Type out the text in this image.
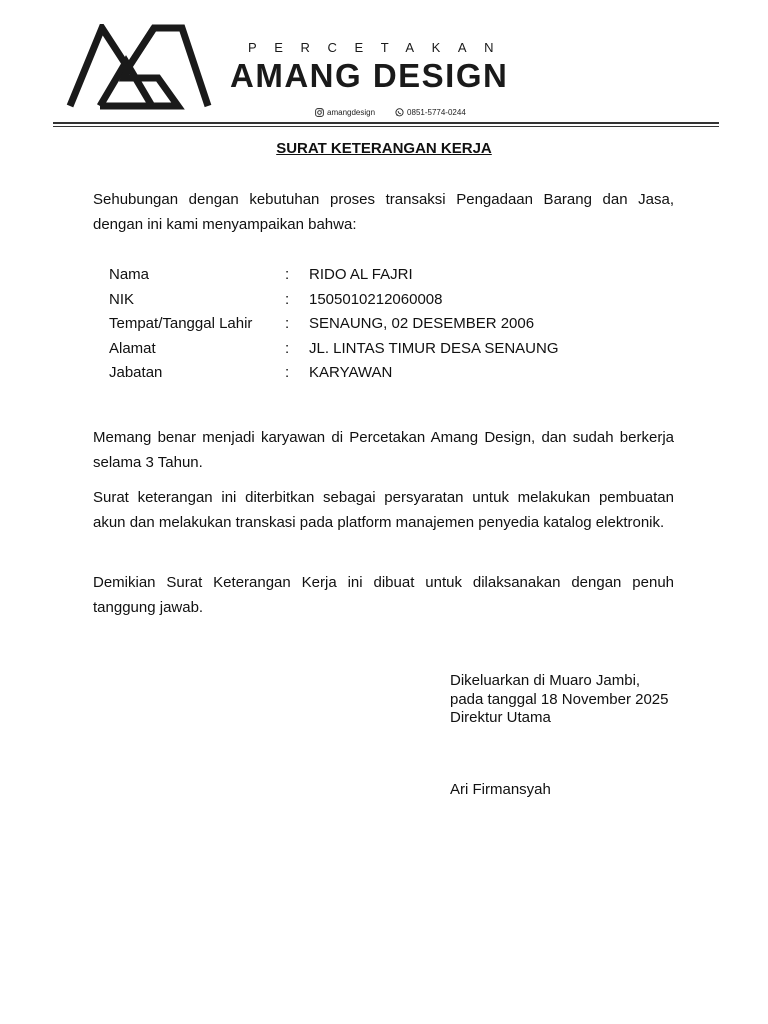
PERCETAKAN
AMANG DESIGN
amangdesign	0851-5774-0244
SURAT KETERANGAN KERJA

Sehubungan dengan kebutuhan proses transaksi Pengadaan Barang dan Jasa, dengan ini kami menyampaikan bahwa:

Nama	: RIDO AL FAJRI
NIK	: 1505010212060008
Tempat/Tanggal Lahir : SENAUNG, 02 DESEMBER 2006
Alamat	: JL. LINTAS TIMUR DESA SENAUNG
Jabatan	: KARYAWAN

Memang benar menjadi karyawan di Percetakan Amang Design, dan sudah berkerja selama 3 Tahun.

Surat keterangan ini diterbitkan sebagai persyaratan untuk melakukan pembuatan akun dan melakukan transkasi pada platform manajemen penyedia katalog elektronik.

Demikian Surat Keterangan Kerja ini dibuat untuk dilaksanakan dengan penuh tanggung jawab.

Dikeluarkan di Muaro Jambi,
pada tanggal 18 November 2025
Direktur Utama
Ari Firmansyah
